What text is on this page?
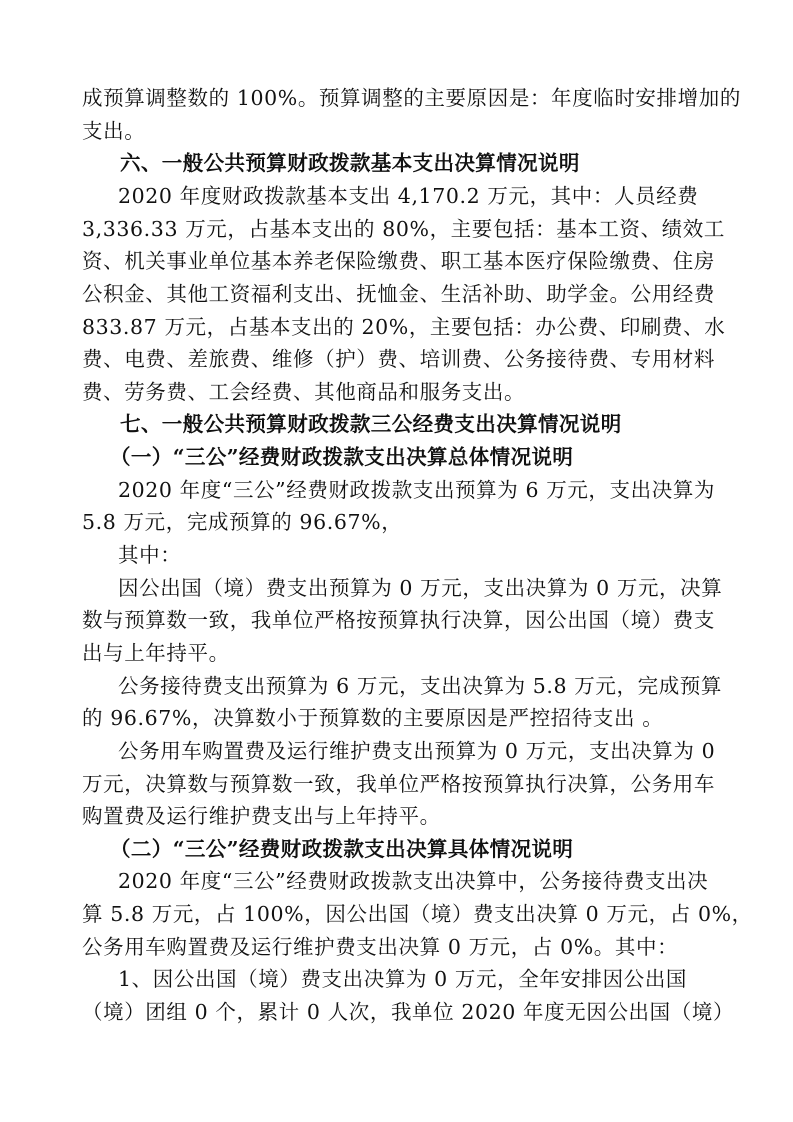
成预算调整数的 100%。预算调整的主要原因是：年度临时安排增加的
支出。
六、一般公共预算财政拨款基本支出决算情况说明
2020 年度财政拨款基本支出 4,170.2 万元，其中：人员经费
3,336.33 万元，占基本支出的 80%，主要包括：基本工资、绩效工
资、机关事业单位基本养老保险缴费、职工基本医疗保险缴费、住房
公积金、其他工资福利支出、抚恤金、生活补助、助学金。公用经费
833.87 万元，占基本支出的 20%，主要包括：办公费、印刷费、水
费、电费、差旅费、维修（护）费、培训费、公务接待费、专用材料
费、劳务费、工会经费、其他商品和服务支出。
七、一般公共预算财政拨款三公经费支出决算情况说明
（一）“三公”经费财政拨款支出决算总体情况说明
2020 年度“三公”经费财政拨款支出预算为 6 万元，支出决算为
5.8 万元，完成预算的 96.67%，
其中：
因公出国（境）费支出预算为 0 万元，支出决算为 0 万元，决算
数与预算数一致，我单位严格按预算执行决算，因公出国（境）费支
出与上年持平。
公务接待费支出预算为 6 万元，支出决算为 5.8 万元，完成预算
的 96.67%，决算数小于预算数的主要原因是严控招待支出 。
公务用车购置费及运行维护费支出预算为 0 万元，支出决算为 0
万元，决算数与预算数一致，我单位严格按预算执行决算，公务用车
购置费及运行维护费支出与上年持平。
（二）“三公”经费财政拨款支出决算具体情况说明
2020 年度“三公”经费财政拨款支出决算中，公务接待费支出决
算 5.8 万元，占 100%，因公出国（境）费支出决算 0 万元，占 0%，
公务用车购置费及运行维护费支出决算 0 万元，占 0%。其中：
1、因公出国（境）费支出决算为 0 万元，全年安排因公出国
（境）团组 0 个，累计 0 人次，我单位 2020 年度无因公出国（境）
